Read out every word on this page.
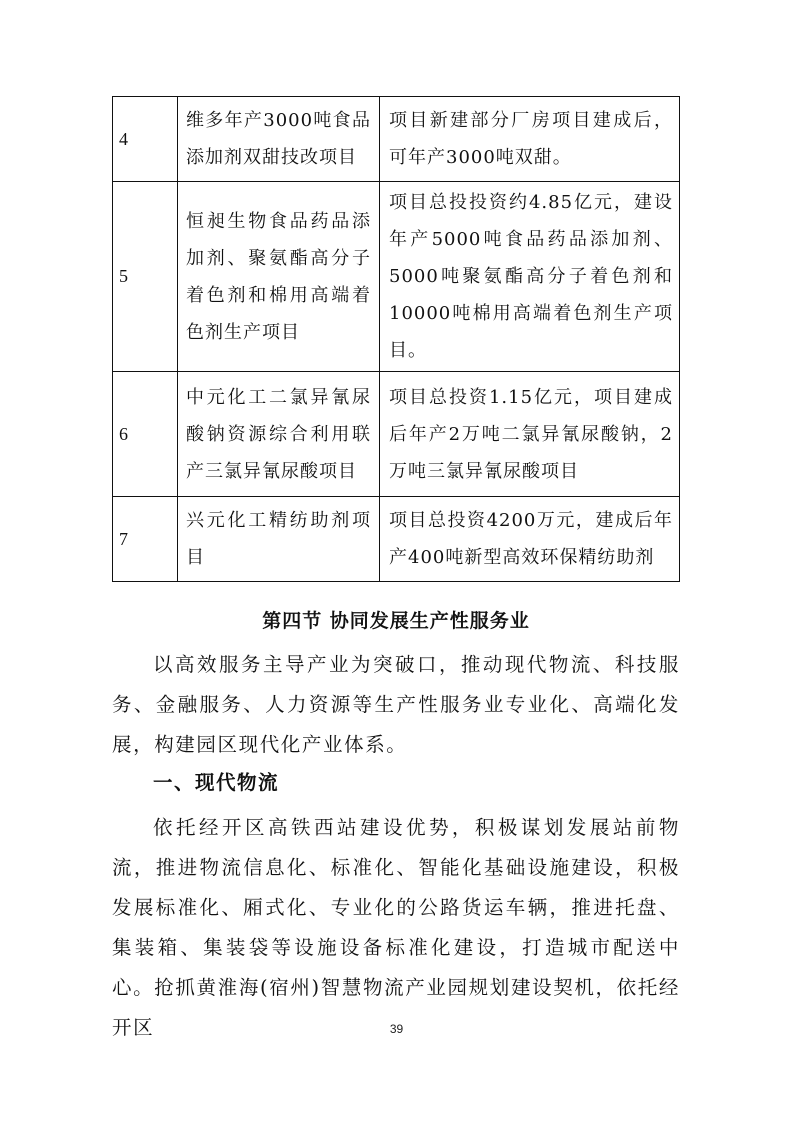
4	维多年产3000吨食品添加剂双甜技改项目	项目新建部分厂房项目建成后，可年产3000吨双甜。
5	恒昶生物食品药品添加剂、聚氨酯高分子着色剂和棉用高端着色剂生产项目	项目总投投资约4.85亿元，建设年产5000吨食品药品添加剂、5000吨聚氨酯高分子着色剂和10000吨棉用高端着色剂生产项目。
6	中元化工二氯异氰尿酸钠资源综合利用联产三氯异氰尿酸项目	项目总投资1.15亿元，项目建成后年产2万吨二氯异氰尿酸钠，2万吨三氯异氰尿酸项目
7	兴元化工精纺助剂项目	项目总投资4200万元，建成后年产400吨新型高效环保精纺助剂
第四节 协同发展生产性服务业
以高效服务主导产业为突破口，推动现代物流、科技服务、金融服务、人力资源等生产性服务业专业化、高端化发展，构建园区现代化产业体系。
一、现代物流
依托经开区高铁西站建设优势，积极谋划发展站前物流，推进物流信息化、标准化、智能化基础设施建设，积极发展标准化、厢式化、专业化的公路货运车辆，推进托盘、集装箱、集装袋等设施设备标准化建设，打造城市配送中心。抢抓黄淮海(宿州)智慧物流产业园规划建设契机，依托经开区	39
